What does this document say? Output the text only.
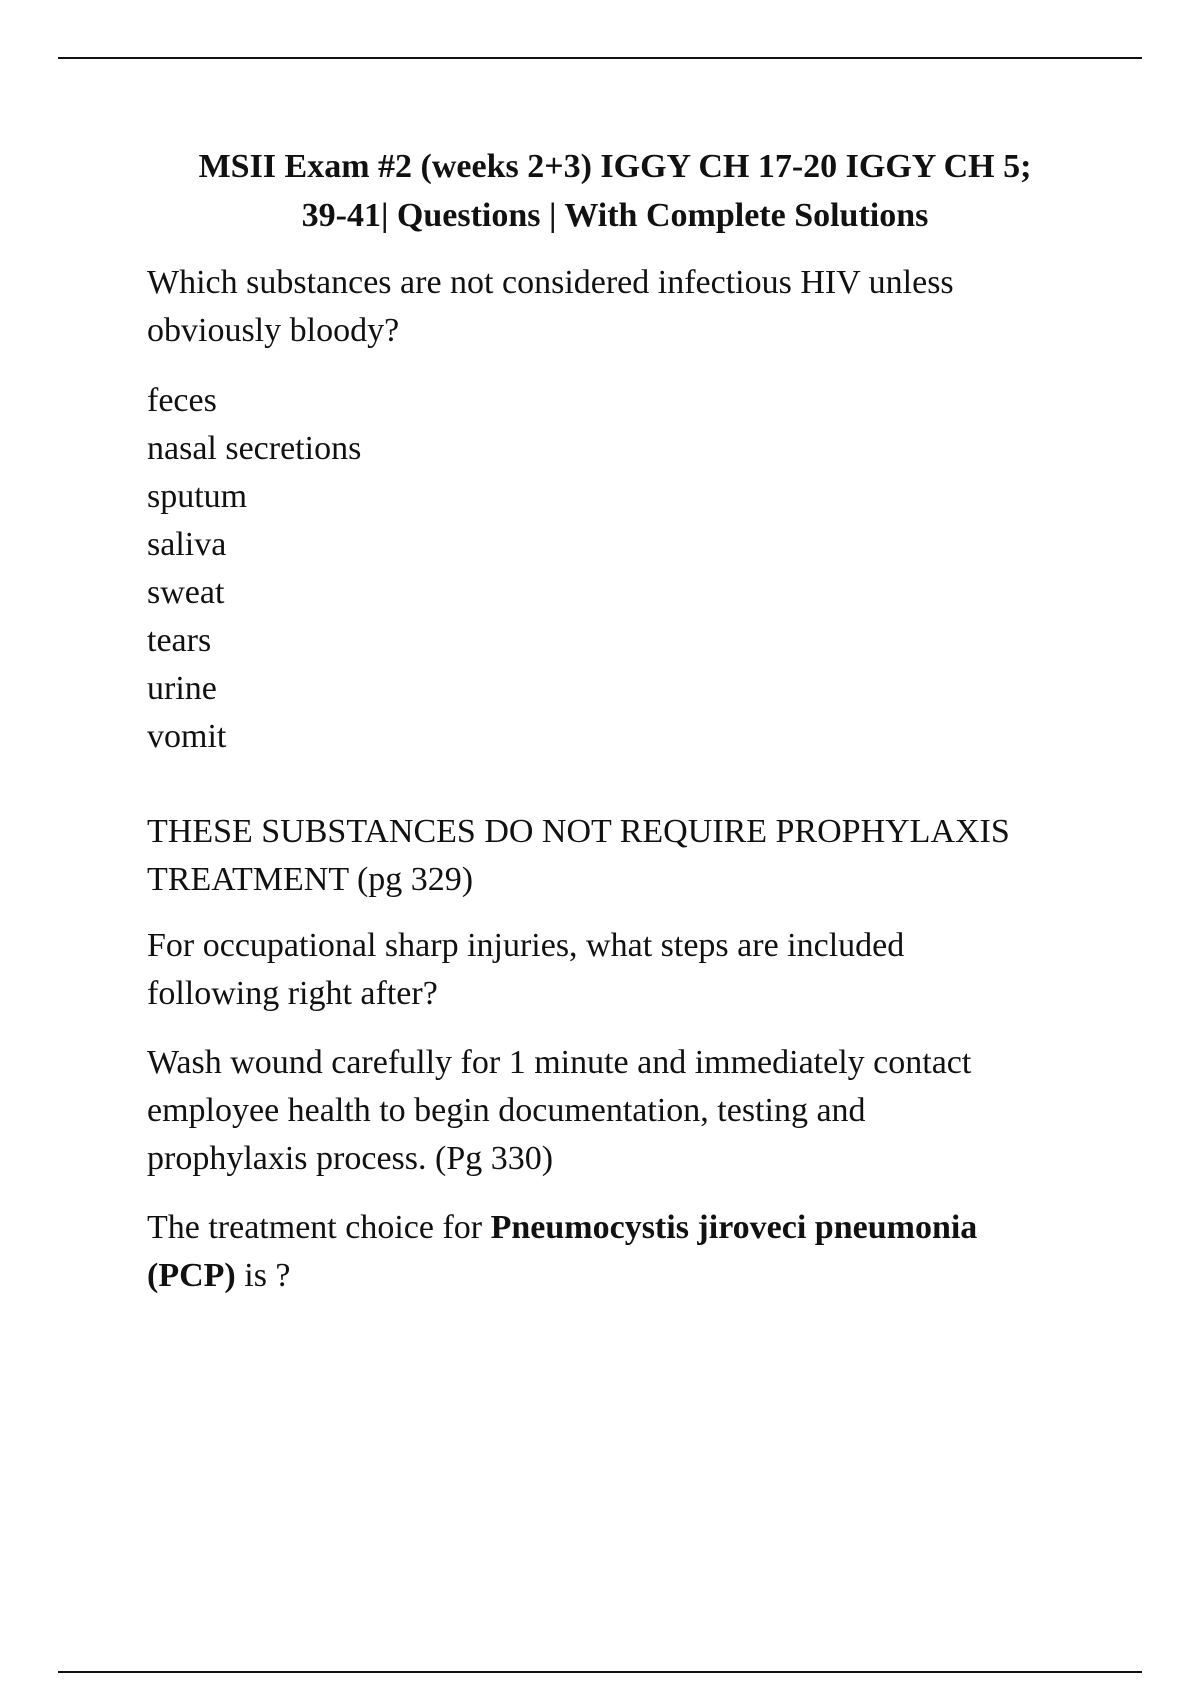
MSII Exam #2 (weeks 2+3) IGGY CH 17-20 IGGY CH 5;
39-41| Questions | With Complete Solutions
Which substances are not considered infectious HIV unless
obviously bloody?
feces
nasal secretions
sputum
saliva
sweat
tears
urine
vomit
THESE SUBSTANCES DO NOT REQUIRE PROPHYLAXIS
TREATMENT (pg 329)
For occupational sharp injuries, what steps are included
following right after?
Wash wound carefully for 1 minute and immediately contact
employee health to begin documentation, testing and
prophylaxis process. (Pg 330)
The treatment choice for Pneumocystis jiroveci pneumonia
(PCP) is ?
